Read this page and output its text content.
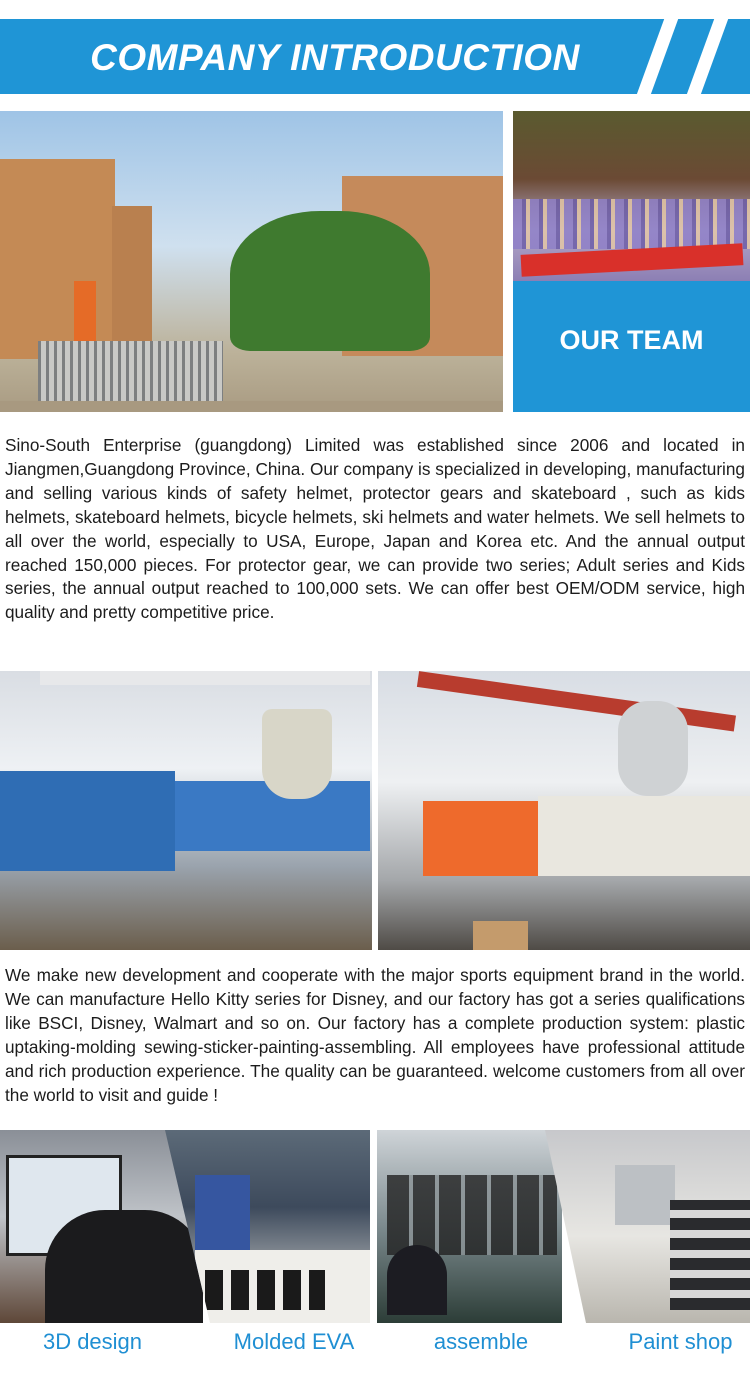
COMPANY INTRODUCTION
OUR TEAM

Sino-South Enterprise (guangdong) Limited was established since 2006 and located in Jiangmen,Guangdong Province, China. Our company is specialized in developing, manufacturing and selling various kinds of safety helmet, protector gears and skateboard , such as kids helmets, skateboard helmets, bicycle helmets, ski helmets and water helmets. We sell helmets to all over the world, especially to USA, Europe, Japan and Korea etc. And the annual output reached 150,000 pieces. For protector gear, we can provide two series; Adult series and Kids series, the annual output reached to 100,000 sets. We can offer best OEM/ODM service, high quality and pretty competitive price.

We make new development and cooperate with the major sports equipment brand in the world. We can manufacture Hello Kitty series for Disney, and our factory has got a series qualifications like BSCI, Disney, Walmart and so on. Our factory has a complete production system: plastic uptaking-molding sewing-sticker-painting-assembling. All employees have professional attitude and rich production experience. The quality can be guaranteed. welcome customers from all over the world to visit and guide !

3D design	Molded EVA	assemble	Paint shop
